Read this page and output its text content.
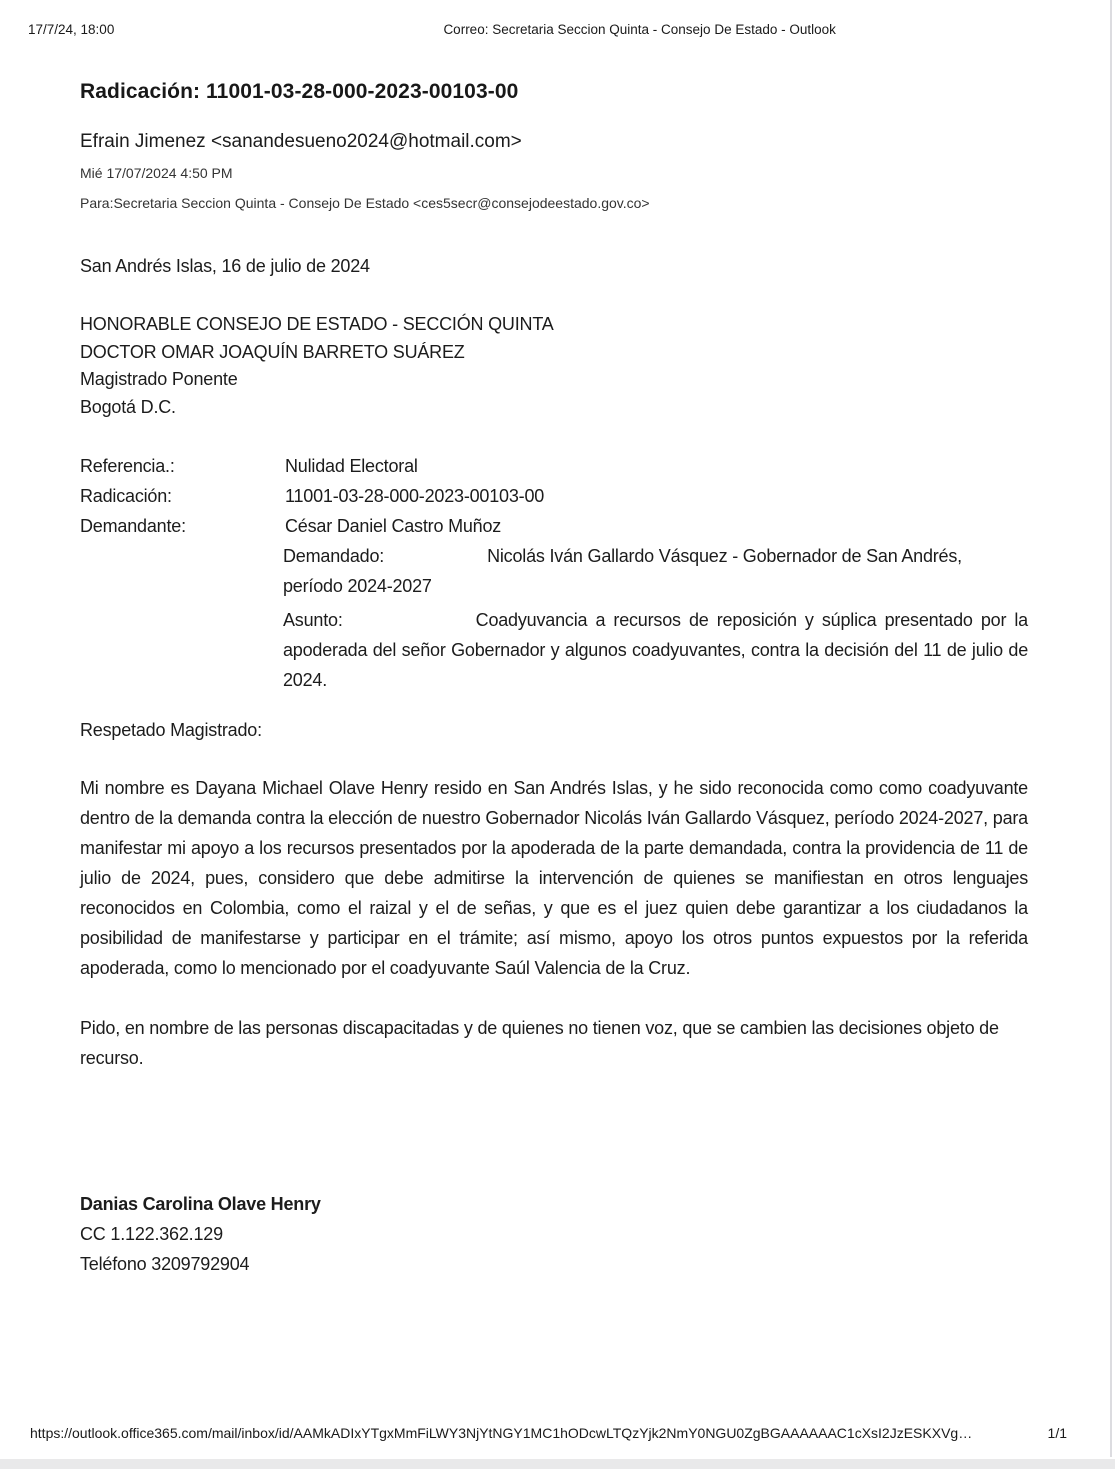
17/7/24, 18:00	Correo: Secretaria Seccion Quinta - Consejo De Estado - Outlook
Radicación: 11001-03-28-000-2023-00103-00
Efrain Jimenez <sanandesueno2024@hotmail.com>
Mié 17/07/2024 4:50 PM
Para:Secretaria Seccion Quinta - Consejo De Estado <ces5secr@consejodeestado.gov.co>
San Andrés Islas, 16 de julio de 2024
HONORABLE CONSEJO DE ESTADO - SECCIÓN QUINTA
DOCTOR OMAR JOAQUÍN BARRETO SUÁREZ
Magistrado Ponente
Bogotá D.C.
Referencia.:	Nulidad Electoral
Radicación:	11001-03-28-000-2023-00103-00
Demandante:	César Daniel Castro Muñoz
Demandado:	Nicolás Iván Gallardo Vásquez - Gobernador de San Andrés, período 2024-2027
Asunto:	Coadyuvancia a recursos de reposición y súplica presentado por la apoderada del señor Gobernador y algunos coadyuvantes, contra la decisión del 11 de julio de 2024.
Respetado Magistrado:
Mi nombre es Dayana Michael Olave Henry resido en San Andrés Islas, y he sido reconocida como como coadyuvante dentro de la demanda contra la elección de nuestro Gobernador Nicolás Iván Gallardo Vásquez, período 2024-2027, para manifestar mi apoyo a los recursos presentados por la apoderada de la parte demandada, contra la providencia de 11 de julio de 2024, pues, considero que debe admitirse la intervención de quienes se manifiestan en otros lenguajes reconocidos en Colombia, como el raizal y el de señas, y que es el juez quien debe garantizar a los ciudadanos la posibilidad de manifestarse y participar en el trámite; así mismo, apoyo los otros puntos expuestos por la referida apoderada, como lo mencionado por el coadyuvante Saúl Valencia de la Cruz.
Pido, en nombre de las personas discapacitadas y de quienes no tienen voz, que se cambien las decisiones objeto de recurso.
Danias Carolina Olave Henry
CC 1.122.362.129
Teléfono 3209792904
https://outlook.office365.com/mail/inbox/id/AAMkADIxYTgxMmFiLWY3NjYtNGY1MC1hODcwLTQzYjk2NmY0NGU0ZgBGAAAAAAC1cXsI2JzESKXVg…	1/1
